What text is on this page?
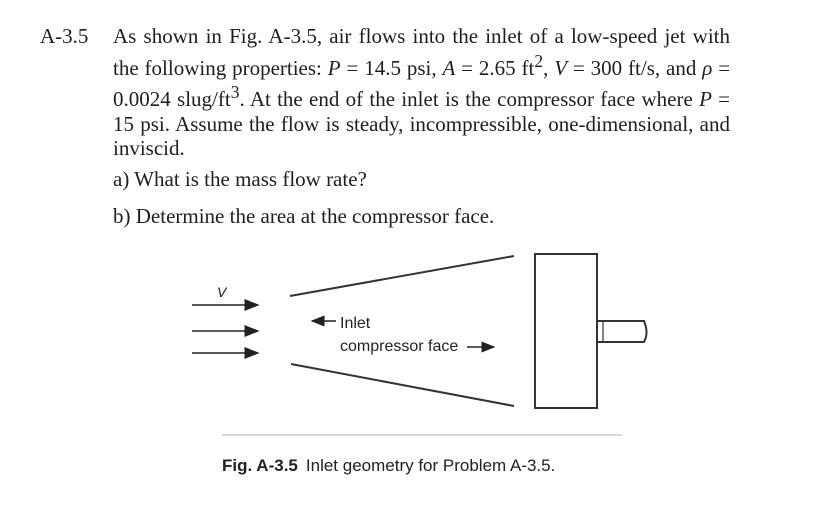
A-3.5 As shown in Fig. A-3.5, air flows into the inlet of a low-speed jet with the following properties: P = 14.5 psi, A = 2.65 $ft^2$, V = 300 ft/s, and ρ = 0.0024 slug/$ft^3$. At the end of the inlet is the compressor face where P = 15 psi. Assume the flow is steady, incompressible, one-dimensional, and inviscid.
a) What is the mass flow rate?
b) Determine the area at the compressor face.
V
Inlet
compressor face
Fig. A-3.5 Inlet geometry for Problem A-3.5.
